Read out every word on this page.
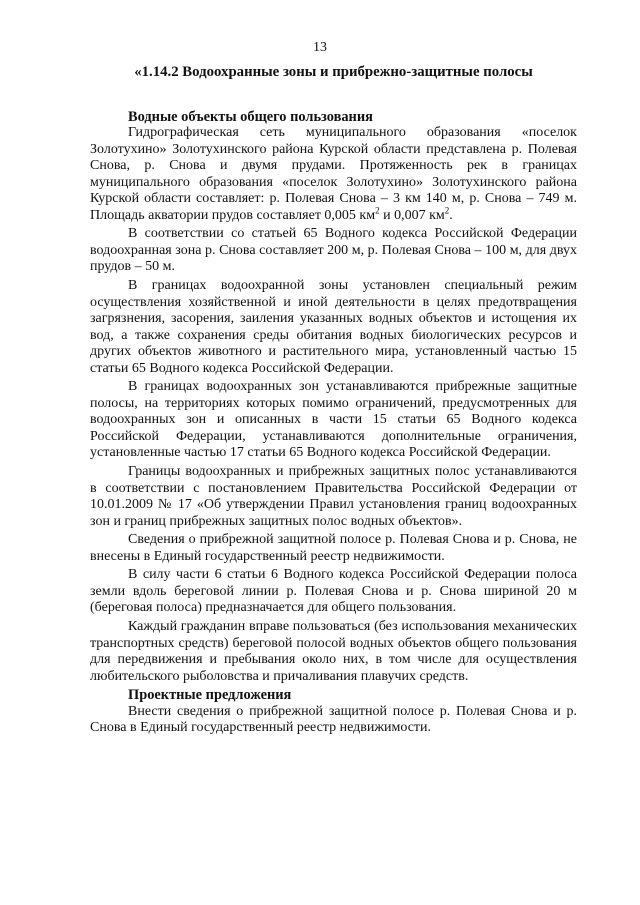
13
«1.14.2 Водоохранные зоны и прибрежно-защитные полосы
Водные объекты общего пользования

Гидрографическая сеть муниципального образования «поселок Золотухино» Золотухинского района Курской области представлена р. Полевая Снова, р. Снова и двумя прудами. Протяженность рек в границах муниципального образования «поселок Золотухино» Золотухинского района Курской области составляет: р. Полевая Снова – 3 км 140 м, р. Снова – 749 м. Площадь акватории прудов составляет 0,005 $км^2$ и 0,007 $км^2$.

В соответствии со статьей 65 Водного кодекса Российской Федерации водоохранная зона р. Снова составляет 200 м, р. Полевая Снова – 100 м, для двух прудов – 50 м.

В границах водоохранной зоны установлен специальный режим осуществления хозяйственной и иной деятельности в целях предотвращения загрязнения, засорения, заиления указанных водных объектов и истощения их вод, а также сохранения среды обитания водных биологических ресурсов и других объектов животного и растительного мира, установленный частью 15 статьи 65 Водного кодекса Российской Федерации.

В границах водоохранных зон устанавливаются прибрежные защитные полосы, на территориях которых помимо ограничений, предусмотренных для водоохранных зон и описанных в части 15 статьи 65 Водного кодекса Российской Федерации, устанавливаются дополнительные ограничения, установленные частью 17 статьи 65 Водного кодекса Российской Федерации.

Границы водоохранных и прибрежных защитных полос устанавливаются в соответствии с постановлением Правительства Российской Федерации от 10.01.2009 № 17 «Об утверждении Правил установления границ водоохранных зон и границ прибрежных защитных полос водных объектов».

Сведения о прибрежной защитной полосе р. Полевая Снова и р. Снова, не внесены в Единый государственный реестр недвижимости.

В силу части 6 статьи 6 Водного кодекса Российской Федерации полоса земли вдоль береговой линии р. Полевая Снова и р. Снова шириной 20 м (береговая полоса) предназначается для общего пользования.

Каждый гражданин вправе пользоваться (без использования механических транспортных средств) береговой полосой водных объектов общего пользования для передвижения и пребывания около них, в том числе для осуществления любительского рыболовства и причаливания плавучих средств.

Проектные предложения

Внести сведения о прибрежной защитной полосе р. Полевая Снова и р. Снова в Единый государственный реестр недвижимости.
